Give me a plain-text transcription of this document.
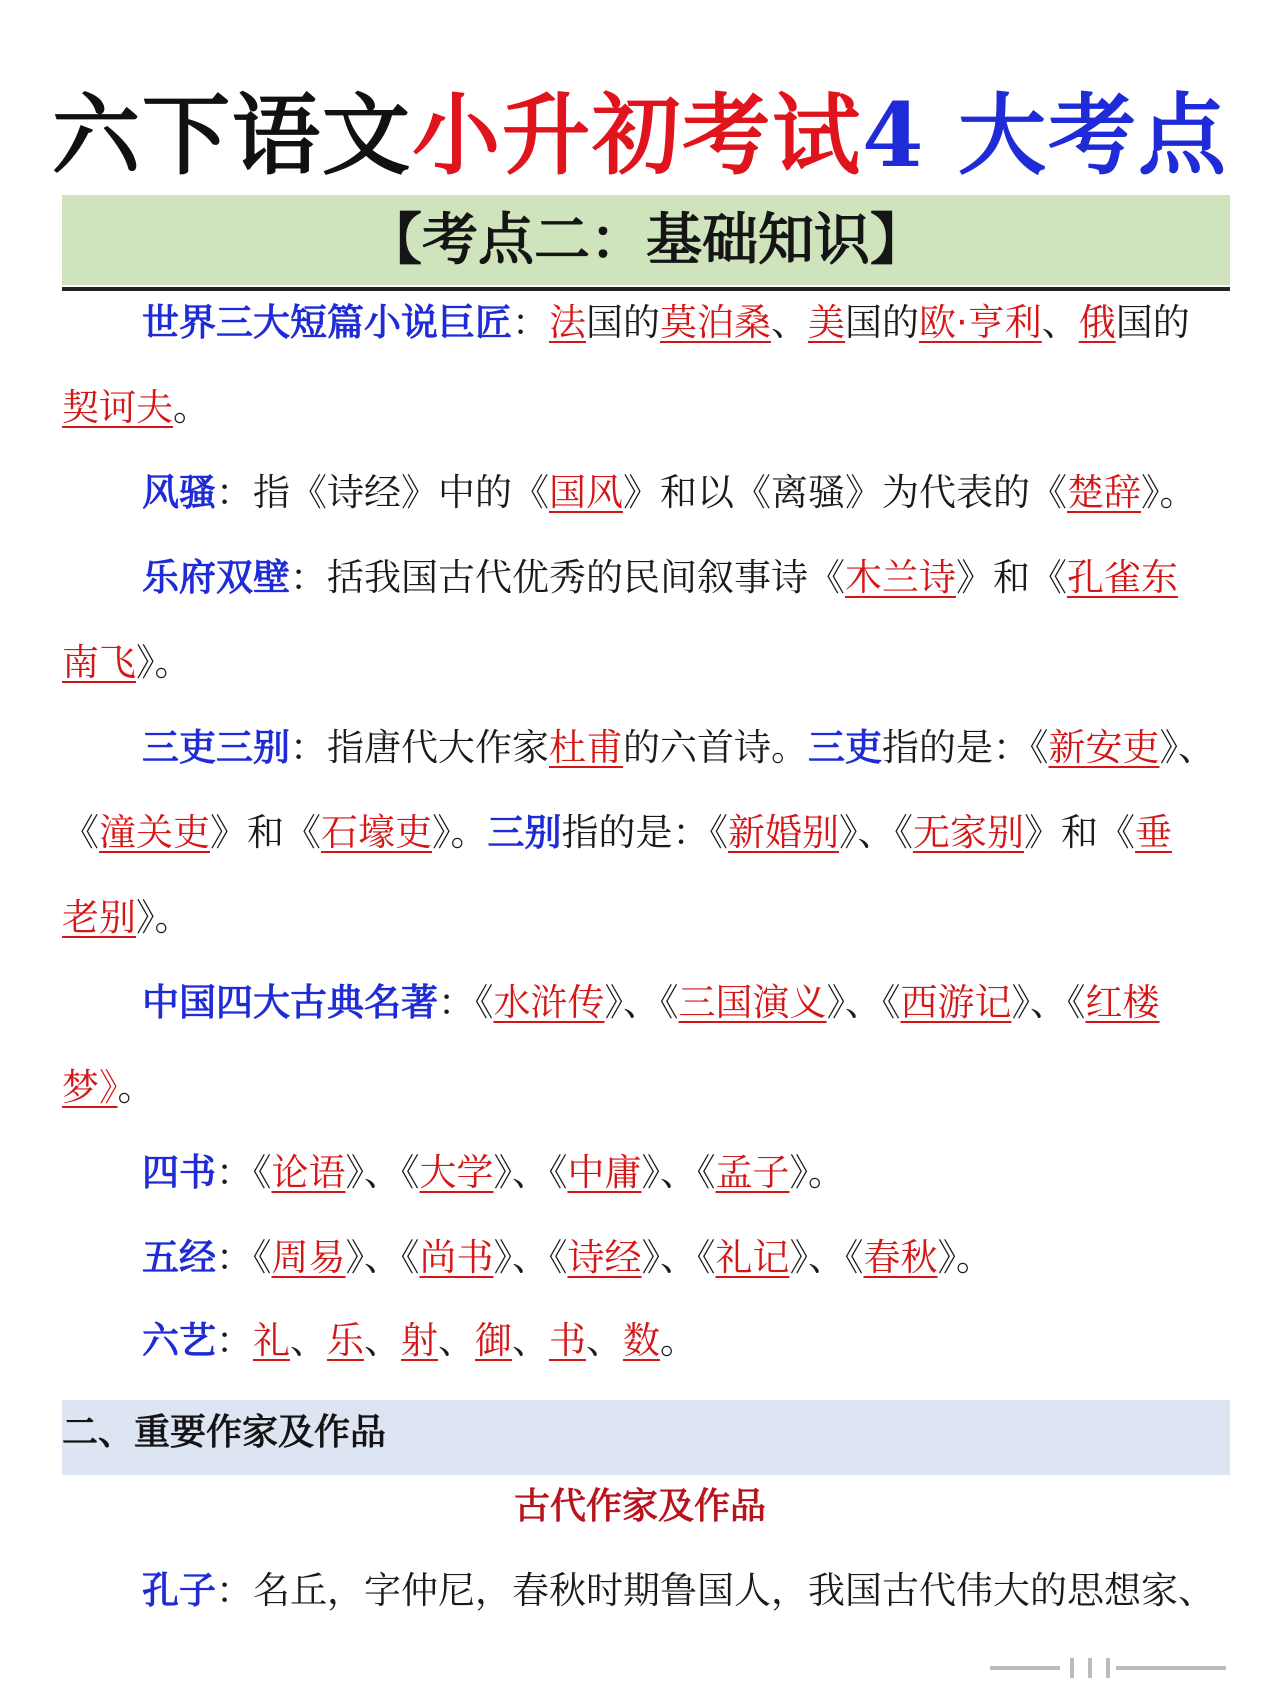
六下语文小升初考试4 大考点
【考点二：基础知识】
世界三大短篇小说巨匠：法国的莫泊桑、美国的欧·亨利、俄国的
契诃夫。
风骚：指《诗经》中的《国风》和以《离骚》为代表的《楚辞》。
乐府双壁：括我国古代优秀的民间叙事诗《木兰诗》和《孔雀东
南飞》。
三吏三别：指唐代大作家杜甫的六首诗。三吏指的是：《新安吏》、
《潼关吏》和《石壕吏》。三别指的是：《新婚别》、《无家别》和《垂
老别》。
中国四大古典名著：《水浒传》、《三国演义》、《西游记》、《红楼
梦》。
四书：《论语》、《大学》、《中庸》、《孟子》。
五经：《周易》、《尚书》、《诗经》、《礼记》、《春秋》。
六艺：礼、乐、射、御、书、数。
二、重要作家及作品
古代作家及作品
孔子：名丘，字仲尼，春秋时期鲁国人，我国古代伟大的思想家、
